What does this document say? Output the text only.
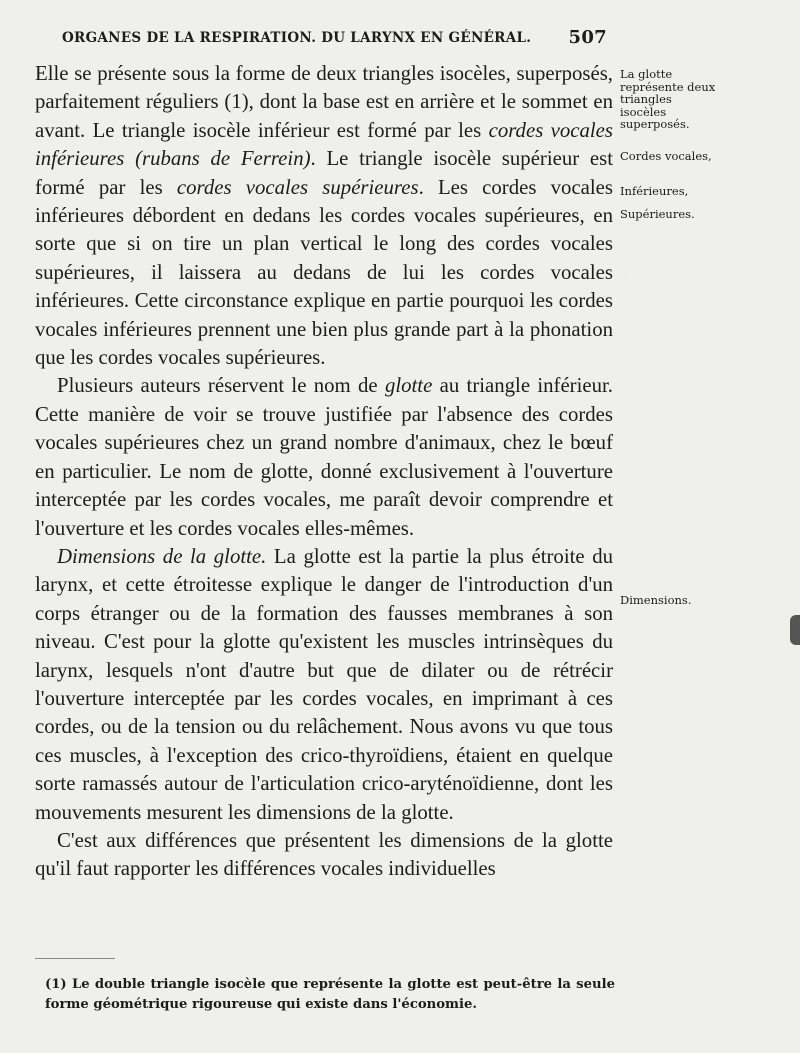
·
ORGANES DE LA RESPIRATION. DU LARYNX EN GÉNÉRAL. 507

Elle se présente sous la forme de deux triangles isocèles, superposés, parfaitement réguliers (1), dont la base est en arrière et le sommet en avant. Le triangle isocèle inférieur est formé par les cordes vocales inférieures (rubans de Ferrein). Le triangle isocèle supérieur est formé par les cordes vocales supérieures. Les cordes vocales inférieures débordent en dedans les cordes vocales supérieures, en sorte que si on tire un plan vertical le long des cordes vocales supérieures, il laissera au dedans de lui les cordes vocales inférieures. Cette circonstance explique en partie pourquoi les cordes vocales inférieures prennent une bien plus grande part à la phonation que les cordes vocales supérieures.

Plusieurs auteurs réservent le nom de glotte au triangle inférieur. Cette manière de voir se trouve justifiée par l'absence des cordes vocales supérieures chez un grand nombre d'animaux, chez le bœuf en particulier. Le nom de glotte, donné exclusivement à l'ouverture interceptée par les cordes vocales, me paraît devoir comprendre et l'ouverture et les cordes vocales elles-mêmes.

Dimensions de la glotte. La glotte est la partie la plus étroite du larynx, et cette étroitesse explique le danger de l'introduction d'un corps étranger ou de la formation des fausses membranes à son niveau. C'est pour la glotte qu'existent les muscles intrinsèques du larynx, lesquels n'ont d'autre but que de dilater ou de rétrécir l'ouverture interceptée par les cordes vocales, en imprimant à ces cordes, ou de la tension ou du relâchement. Nous avons vu que tous ces muscles, à l'exception des crico-thyroïdiens, étaient en quelque sorte ramassés autour de l'articulation crico-aryténoïdienne, dont les mouvements mesurent les dimensions de la glotte.

C'est aux différences que présentent les dimensions de la glotte qu'il faut rapporter les différences vocales individuelles

La glotte représente deux triangles isocèles superposés.
Cordes vocales,
Inférieures,
Supérieures.
Dimensions.
(1) Le double triangle isocèle que représente la glotte est peut-être la seule forme géométrique rigoureuse qui existe dans l'économie.
